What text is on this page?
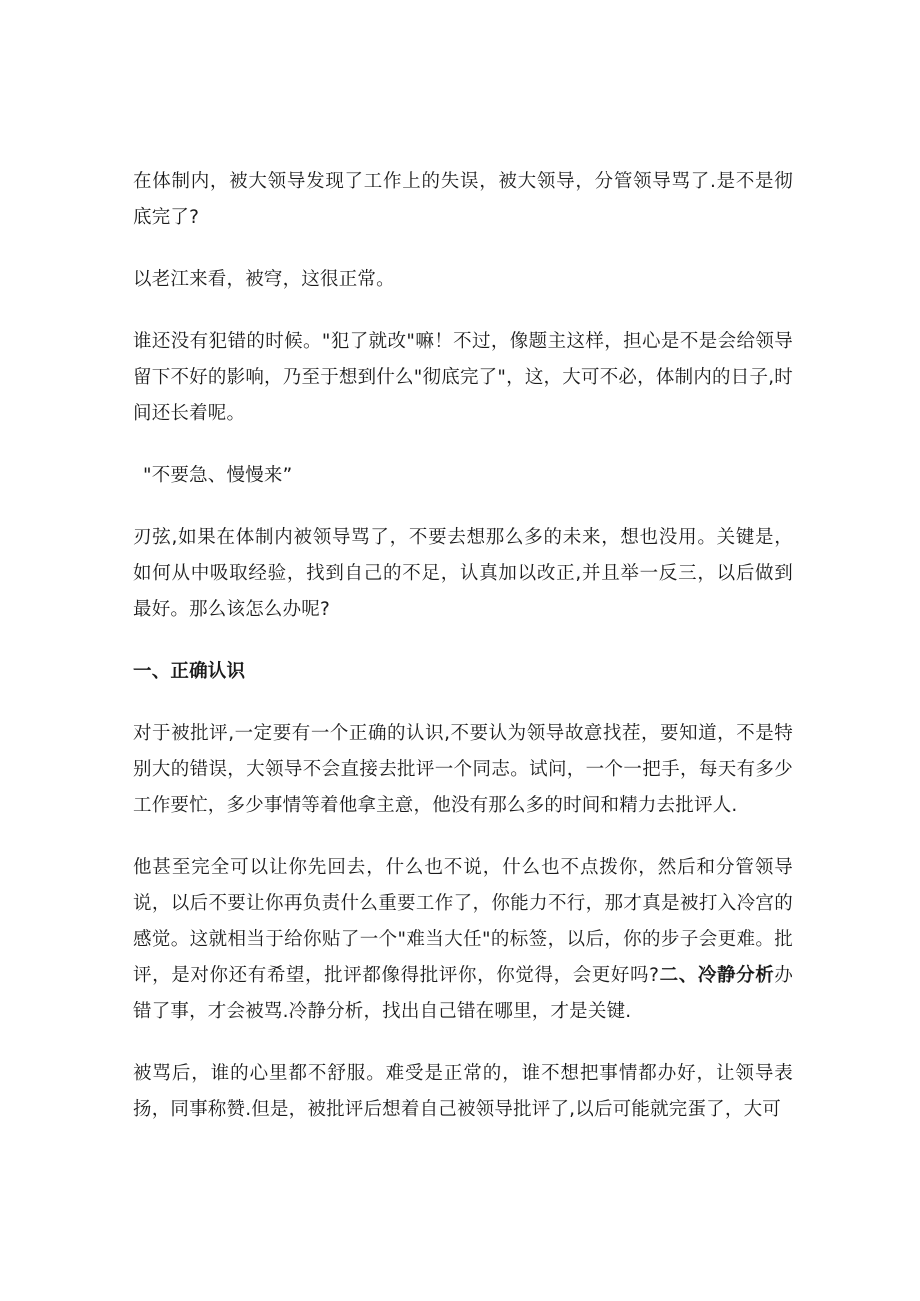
在体制内，被大领导发现了工作上的失误，被大领导，分管领导骂了.是不是彻底完了?

以老江来看，被穹，这很正常。

谁还没有犯错的时候。"犯了就改"嘛！不过，像题主这样，担心是不是会给领导留下不好的影响，乃至于想到什么"彻底完了"，这，大可不必，体制内的日子,时间还长着呢。

"不要急、慢慢来”

刃弦,如果在体制内被领导骂了，不要去想那么多的未来，想也没用。关键是，如何从中吸取经验，找到自己的不足，认真加以改正,并且举一反三，以后做到最好。那么该怎么办呢?

一、正确认识

对于被批评,一定要有一个正确的认识,不要认为领导故意找茬，要知道，不是特别大的错误，大领导不会直接去批评一个同志。试问，一个一把手，每天有多少工作要忙，多少事情等着他拿主意，他没有那么多的时间和精力去批评人.

他甚至完全可以让你先回去，什么也不说，什么也不点拨你，然后和分管领导说，以后不要让你再负责什么重要工作了，你能力不行，那才真是被打入冷宫的感觉。这就相当于给你贴了一个"难当大任"的标签，以后，你的步子会更难。批评，是对你还有希望，批评都像得批评你，你觉得，会更好吗?二、冷静分析办错了事，才会被骂.冷静分析，找出自己错在哪里，才是关键.

被骂后，谁的心里都不舒服。难受是正常的，谁不想把事情都办好，让领导表扬，同事称赞.但是，被批评后想着自己被领导批评了,以后可能就完蛋了，大可
